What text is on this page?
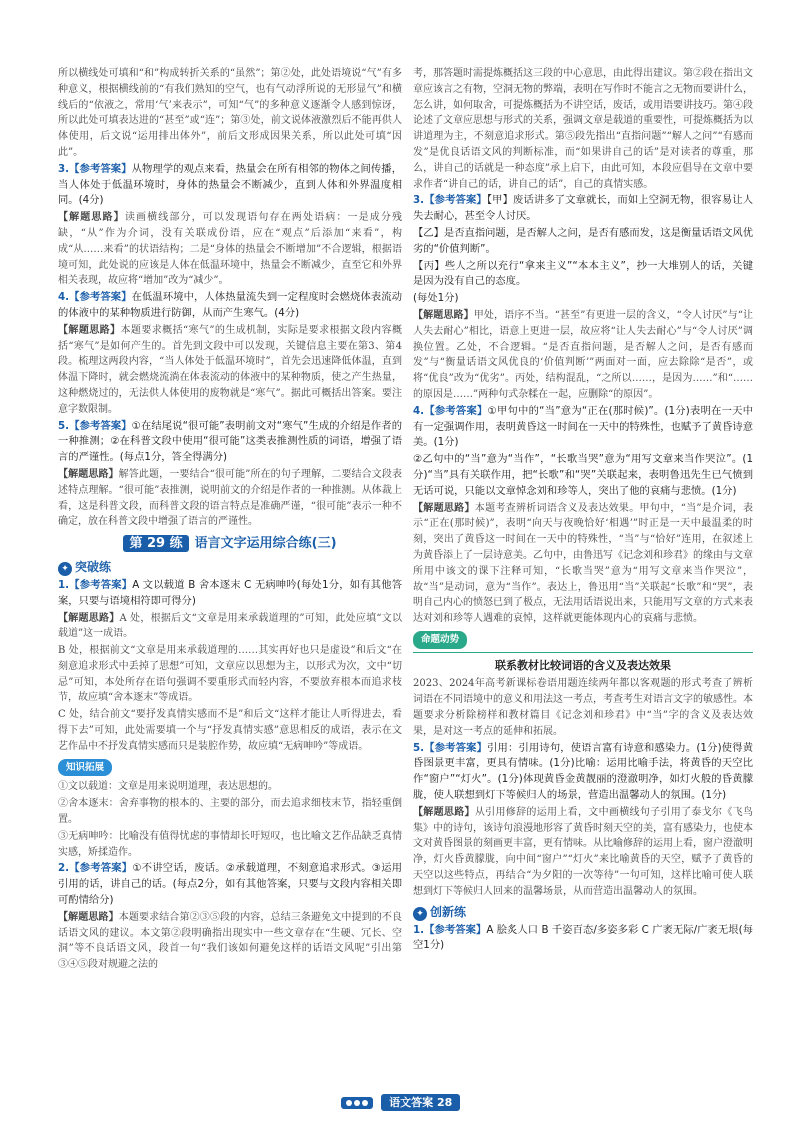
所以横线处可填和“和”构成转折关系的“虽然”；第②处，此处语境说“气”有多种意义，根据横线前的“有我们熟知的空气，也有气动浮所说的无形显气”和横线后的“依液之，常用‘气’来表示”，可知“气”的多种意义逐渐令人感到惊讶，所以此处可填表达进的“甚至”或“连”；第③处，前文说体液激烈后不能再供人体使用，后文说“运用排出体外”，前后文形成因果关系，所以此处可填“因此”。

3.【参考答案】从物理学的观点来看，热量会在所有相邻的物体之间传播，当人体处于低温环境时，身体的热量会不断减少，直到人体和外界温度相同。(4分)

【解题思路】读画横线部分，可以发现语句存在两处语病：一是成分残缺，“从”作为介词，没有关联成份语，应在“观点”后添加“来看”，构成“从……来看”的状语结构；二是“身体的热量会不断增加”不合逻辑，根据语境可知，此处说的应该是人体在低温环境中，热量会不断减少，直至它和外界相关表现，故应将“增加”改为“减少”。

4.【参考答案】在低温环境中，人体热量流失到一定程度时会燃烧体表流动的体液中的某种物质进行防御，从而产生寒气。(4分)

【解题思路】本题要求概括“寒气”的生成机制，实际是要求根据文段内容概括“寒气”是如何产生的。首先到文段中可以发现，关键信息主要在第3、第4段。梳理这两段内容，“当人体处于低温环境时”，首先会迅速降低体温，直到体温下降时，就会燃烧流淌在体表流动的体液中的某种物质，使之产生热量，这种燃烧过的，无法供人体使用的废物就是“寒气”。据此可概括出答案。要注意字数限制。

5.【参考答案】①在结尾说“很可能”表明前文对“寒气”生成的介绍是作者的一种推测；②在科普文段中使用“很可能”这类表推测性质的词语，增强了语言的严谨性。(每点1分，答全得满分)

【解题思路】解答此题，一要结合“很可能”所在的句子理解，二要结合文段表述特点理解。“很可能”表推测，说明前文的介绍是作者的一种推测。从体裁上看，这是科普文段，而科普文段的语言特点是准确严谨，“很可能”表示一种不确定，放在科普文段中增强了语言的严谨性。

第 29 练 语言文字运用综合练(三)
✦ 突破练

1.【参考答案】A 文以载道 B 舍本逐末 C 无病呻吟(每处1分，如有其他答案，只要与语境相符即可得分)

【解题思路】A 处，根据后文“文章是用来承载道理的”可知，此处应填“文以载道”这一成语。

B 处，根据前文“文章是用来承载道理的……其实再好也只是虚设”和后文“在刻意追求形式中丢掉了思想”可知，文章应以思想为主，以形式为次，文中“切忌”可知，本处所存在语句强调不要重形式而轻内容，不要放弃根本而追求枝节，故应填“舍本逐末”等成语。

C 处，结合前文“要抒发真情实感而不是”和后文“这样才能让人听得进去，看得下去”可知，此处需要填一个与“抒发真情实感”意思相反的成语，表示在文艺作品中不抒发真情实感而只是装腔作势，故应填“无病呻吟”等成语。

知识拓展

①文以载道：文章是用来说明道理，表达思想的。

②舍本逐末：舍弃事物的根本的、主要的部分，而去追求细枝末节，指轻重倒置。

③无病呻吟：比喻没有值得忧虑的事情却长吁短叹，也比喻文艺作品缺乏真情实感，矫揉造作。

2.【参考答案】①不讲空话，废话。②承载道理，不刻意追求形式。③运用引用的话，讲自己的话。(每点2分，如有其他答案，只要与文段内容相关即可酌情给分)

【解题思路】本题要求结合第②③⑤段的内容，总结三条避免文中提到的不良话语文风的建议。本文第②段明确指出现实中一些文章存在“生硬、冗长、空洞”等不良话语文风，段首一句“我们该如何避免这样的话语文风呢”引出第③④⑤段对规避之法的

考，那答题时需提炼概括这三段的中心意思，由此得出建议。第②段在指出文章应该言之有物，空洞无物的弊端，表明在写作时不能言之无物而要讲什么，怎么讲，如何取舍，可提炼概括为不讲空话，废话，或用语要讲技巧。第④段论述了文章应思想与形式的关系，强调文章是载道的重要性，可提炼概括为以讲道理为主，不刻意追求形式。第⑤段先指出“直指问题”“解人之问”“有感而发”是优良话语文风的判断标准，而“如果讲自己的话”是对读者的尊重，那么，讲自己的话就是一种态度”承上启下，由此可知，本段应倡导在文章中要求作者“讲自己的话，讲自己的话”，自己的真情实感。

3.【参考答案】【甲】废话讲多了文章就长，而如上空洞无物，很容易让人失去耐心，甚至令人讨厌。

【乙】是否直指问题，是否解人之问，是否有感而发，这是衡量话语文风优劣的“价值判断”。

【丙】些人之所以充行“拿来主义”“本本主义”，抄一大堆别人的话，关键是因为没有自己的态度。

(每处1分)

【解题思路】甲处，语序不当。“甚至”有更进一层的含义，“令人讨厌”与“让人失去耐心”相比，语意上更进一层，故应将“让人失去耐心”与“令人讨厌”调换位置。乙处，不合逻辑。“是否直指问题，是否解人之问，是否有感而发”与“衡量话语文风优良的‘价值判断’”两面对一面，应去除除“是否”，或将“优良”改为“优劣”。丙处，结构混乱，“之所以……，是因为……”和“……的原因是……”两种句式杂糅在一起，应删除“的原因”。

4.【参考答案】①甲句中的“当”意为“正在(那时候)”。(1分)表明在一天中有一定强调作用，表明黄昏这一时间在一天中的特殊性，也赋予了黄昏诗意美。(1分)

②乙句中的“当”意为“当作”，“长歌当哭”意为“用写文章来当作哭泣”。(1分)“当”具有关联作用，把“长歌”和“哭”关联起来，表明鲁迅先生已气愤到无话可说，只能以文章悼念刘和珍等人，突出了他的哀痛与悲愤。(1分)

【解题思路】本题考查辨析词语含义及表达效果。甲句中，“当”是介词，表示“正在(那时候)”，表明“向天与夜晚恰好‘相遇’”时正是一天中最温柔的时刻，突出了黄昏这一时间在一天中的特殊性，“当”与“恰好”连用，在叙述上为黄昏添上了一层诗意美。乙句中，由鲁迅写《记念刘和珍君》的缘由与文章所用中该文的课下注释可知，“长歌当哭”意为“用写文章来当作哭泣”，故“当”是动词，意为“当作”。表达上，鲁迅用“当”关联起“长歌”和“哭”，表明自己内心的愤怒已到了极点，无法用话语说出来，只能用写文章的方式来表达对刘和珍等人遇难的哀悼，这样就更能体现内心的哀痛与悲愤。

命题动势
联系教材比较词语的含义及表达效果

2023、2024年高考新课标卷语用题连续两年都以客观题的形式考查了辨析词语在不同语境中的意义和用法这一考点，考查考生对语言文字的敏感性。本题要求分析除榜样和教材篇目《记念刘和珍君》中“当”字的含义及表达效果，是对这一考点的延伸和拓展。

5.【参考答案】引用：引用诗句，使语言富有诗意和感染力。(1分)使得黄昏图景更丰富，更具有情味。(1分)比喻：运用比喻手法，将黄昏的天空比作“窗户”“灯火”。(1分)体现黄昏金黄靓丽的澄澈明净，如灯火般的昏黄朦胧，使人联想到灯下等候归人的场景，营造出温馨动人的氛围。(1分)

【解题思路】从引用修辞的运用上看，文中画横线句子引用了泰戈尔《飞鸟集》中的诗句，该诗句浪漫地形容了黄昏时刻天空的美，富有感染力，也使本文对黄昏图景的刻画更丰富，更有情味。从比喻修辞的运用上看，窗户澄澈明净，灯火昏黄朦胧，向中间“窗户”“灯火”来比喻黄昏的天空，赋予了黄昏的天空以这些特点，再结合“为夕阳的一次等待”一句可知，这样比喻可使人联想到灯下等候归人回来的温馨场景，从而营造出温馨动人的氛围。

✦ 创新练

1.【参考答案】A 脍炙人口 B 千姿百态/多姿多彩 C 广袤无际/广袤无垠(每空1分)

语文答案 28
